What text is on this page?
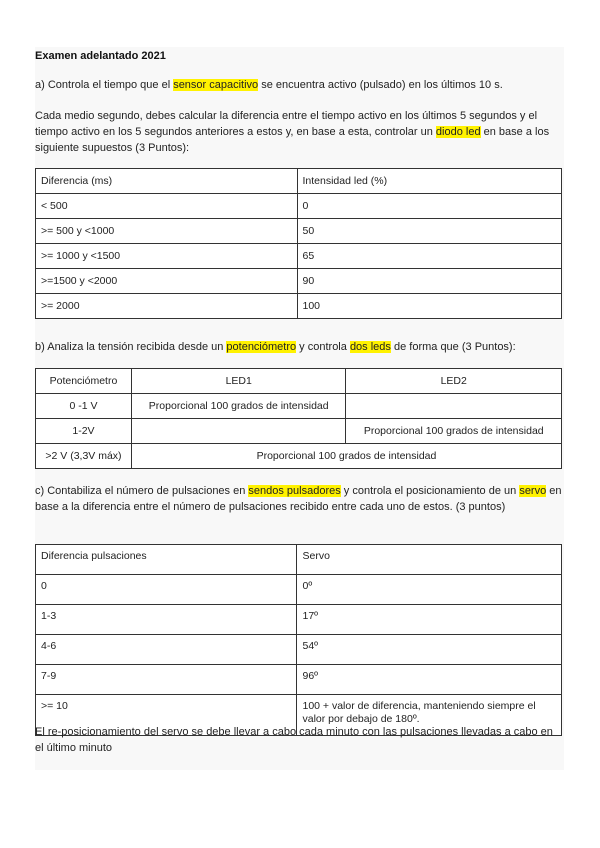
Examen adelantado 2021
a) Controla el tiempo que el sensor capacitivo se encuentra activo (pulsado) en los últimos 10 s.
Cada medio segundo, debes calcular la diferencia entre el tiempo activo en los últimos 5 segundos y el tiempo activo en los 5 segundos anteriores a estos y, en base a esta, controlar un diodo led en base a los siguiente supuestos (3 Puntos):
Diferencia (ms)	Intensidad led (%)
< 500	0
>= 500 y <1000	50
>= 1000 y <1500	65
>=1500 y <2000	90
>= 2000	100
b) Analiza la tensión recibida desde un potenciómetro y controla dos leds de forma que (3 Puntos):
Potenciómetro	LED1	LED2
0 -1 V	Proporcional 100 grados de intensidad	
1-2V		Proporcional 100 grados de intensidad
>2 V (3,3V máx)	Proporcional 100 grados de intensidad	
c) Contabiliza el número de pulsaciones en sendos pulsadores y controla el posicionamiento de un servo en base a la diferencia entre el número de pulsaciones recibido entre cada uno de estos. (3 puntos)
Diferencia pulsaciones	Servo
0	0º
1-3	17º
4-6	54º
7-9	96º
>= 10	100 + valor de diferencia, manteniendo siempre el valor por debajo de 180º.
El re-posicionamiento del servo se debe llevar a cabo cada minuto con las pulsaciones llevadas a cabo en el último minuto
